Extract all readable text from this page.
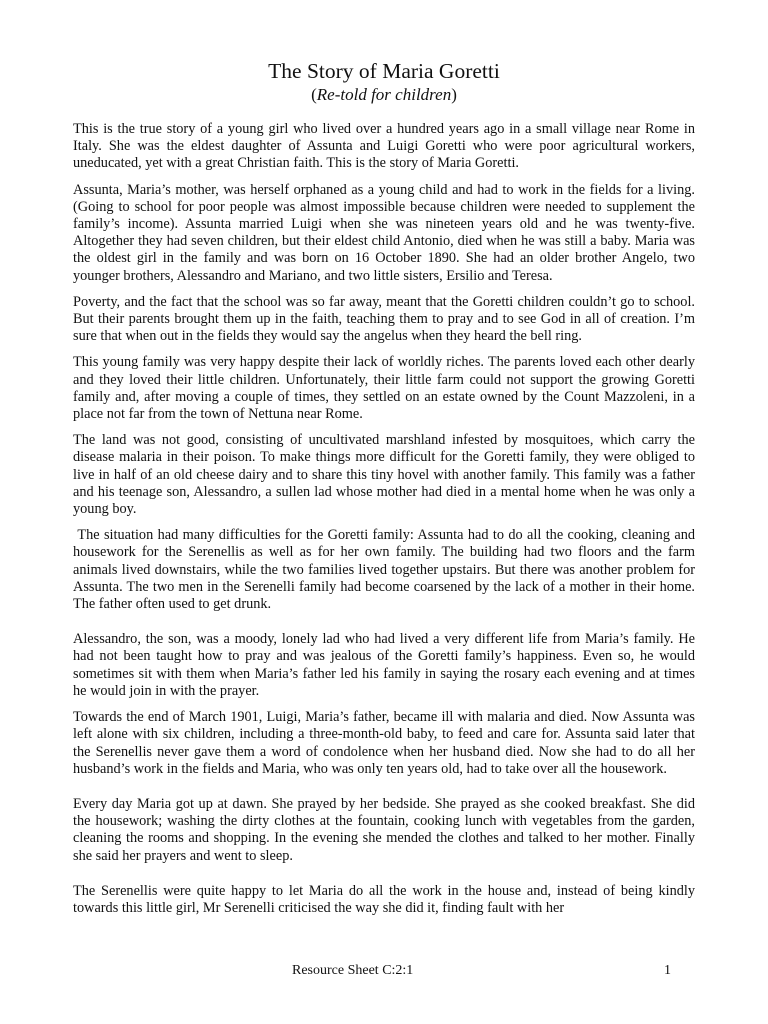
The Story of Maria Goretti
(Re-told for children)

This is the true story of a young girl who lived over a hundred years ago in a small village near Rome in Italy. She was the eldest daughter of Assunta and Luigi Goretti who were poor agricultural workers, uneducated, yet with a great Christian faith. This is the story of Maria Goretti.

Assunta, Maria’s mother, was herself orphaned as a young child and had to work in the fields for a living. (Going to school for poor people was almost impossible because children were needed to supplement the family’s income). Assunta married Luigi when she was nineteen years old and he was twenty-five. Altogether they had seven children, but their eldest child Antonio, died when he was still a baby. Maria was the oldest girl in the family and was born on 16 October 1890. She had an older brother Angelo, two younger brothers, Alessandro and Mariano, and two little sisters, Ersilio and Teresa.

Poverty, and the fact that the school was so far away, meant that the Goretti children couldn’t go to school. But their parents brought them up in the faith, teaching them to pray and to see God in all of creation. I’m sure that when out in the fields they would say the angelus when they heard the bell ring.

This young family was very happy despite their lack of worldly riches. The parents loved each other dearly and they loved their little children. Unfortunately, their little farm could not support the growing Goretti family and, after moving a couple of times, they settled on an estate owned by the Count Mazzoleni, in a place not far from the town of Nettuna near Rome.

The land was not good, consisting of uncultivated marshland infested by mosquitoes, which carry the disease malaria in their poison. To make things more difficult for the Goretti family, they were obliged to live in half of an old cheese dairy and to share this tiny hovel with another family. This family was a father and his teenage son, Alessandro, a sullen lad whose mother had died in a mental home when he was only a young boy.

The situation had many difficulties for the Goretti family: Assunta had to do all the cooking, cleaning and housework for the Serenellis as well as for her own family. The building had two floors and the farm animals lived downstairs, while the two families lived together upstairs. But there was another problem for Assunta. The two men in the Serenelli family had become coarsened by the lack of a mother in their home. The father often used to get drunk.

Alessandro, the son, was a moody, lonely lad who had lived a very different life from Maria’s family. He had not been taught how to pray and was jealous of the Goretti family’s happiness. Even so, he would sometimes sit with them when Maria’s father led his family in saying the rosary each evening and at times he would join in with the prayer.

Towards the end of March 1901, Luigi, Maria’s father, became ill with malaria and died. Now Assunta was left alone with six children, including a three-month-old baby, to feed and care for. Assunta said later that the Serenellis never gave them a word of condolence when her husband died. Now she had to do all her husband’s work in the fields and Maria, who was only ten years old, had to take over all the housework.

Every day Maria got up at dawn. She prayed by her bedside. She prayed as she cooked breakfast. She did the housework; washing the dirty clothes at the fountain, cooking lunch with vegetables from the garden, cleaning the rooms and shopping. In the evening she mended the clothes and talked to her mother. Finally she said her prayers and went to sleep.

The Serenellis were quite happy to let Maria do all the work in the house and, instead of being kindly towards this little girl, Mr Serenelli criticised the way she did it, finding fault with her

Resource Sheet C:2:1	1
